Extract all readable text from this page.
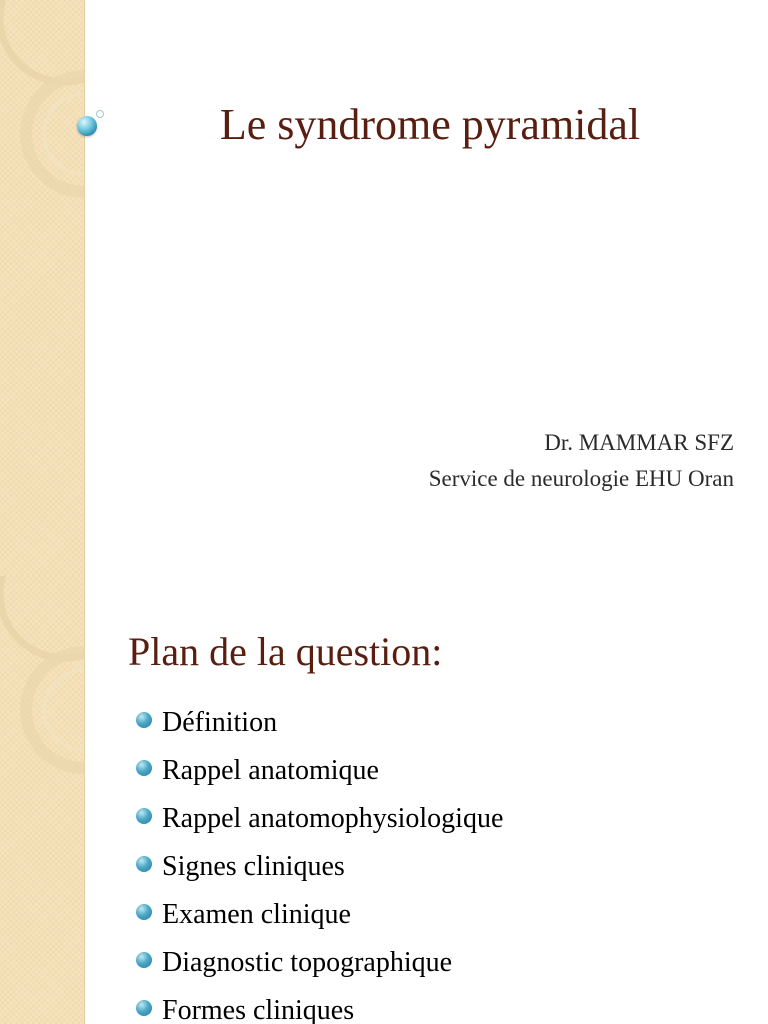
Le syndrome pyramidal
Dr. MAMMAR SFZ
Service de neurologie EHU Oran
Plan de la question:
Définition
Rappel anatomique
Rappel anatomophysiologique
Signes cliniques
Examen clinique
Diagnostic topographique
Formes cliniques
